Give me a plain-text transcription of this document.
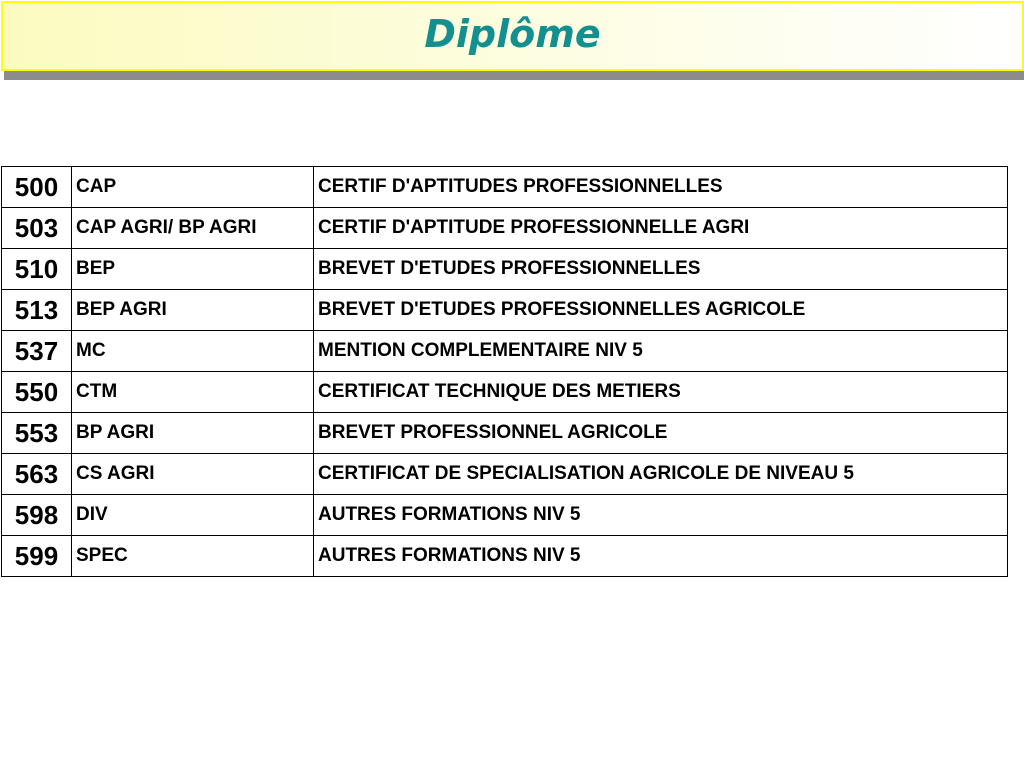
Diplôme
500	CAP	CERTIF D'APTITUDES PROFESSIONNELLES
503	CAP AGRI/ BP AGRI	CERTIF D'APTITUDE PROFESSIONNELLE AGRI
510	BEP	BREVET D'ETUDES PROFESSIONNELLES
513	BEP AGRI	BREVET D'ETUDES PROFESSIONNELLES AGRICOLE
537	MC	MENTION COMPLEMENTAIRE NIV 5
550	CTM	CERTIFICAT TECHNIQUE DES METIERS
553	BP AGRI	BREVET PROFESSIONNEL AGRICOLE
563	CS AGRI	CERTIFICAT DE SPECIALISATION AGRICOLE DE NIVEAU 5
598	DIV	AUTRES FORMATIONS NIV 5
599	SPEC	AUTRES FORMATIONS NIV 5
